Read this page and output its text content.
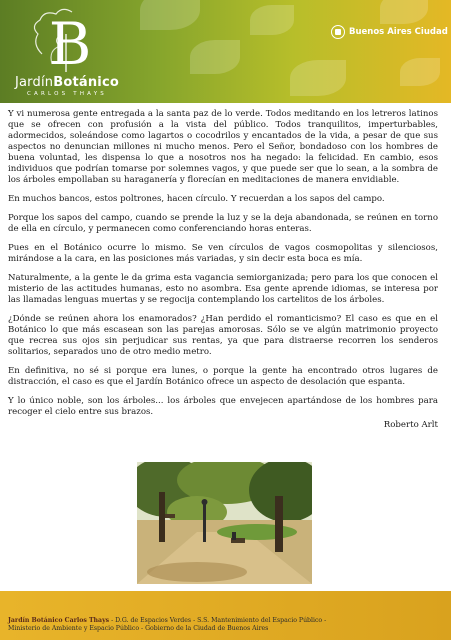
B
JardínBotánico
CARLOS THAYS
Buenos Aires Ciudad

Y vi numerosa gente entregada a la santa paz de lo verde. Todos meditando en los letreros latinos que se ofrecen con profusión a la vista del público. Todos tranquilitos, imperturbables, adormecidos, soleándose como lagartos o cocodrilos y encantados de la vida, a pesar de que sus aspectos no denuncian millones ni mucho menos. Pero el Señor, bondadoso con los hombres de buena voluntad, les dispensa lo que a nosotros nos ha negado: la felicidad. En cambio, esos individuos que podrían tomarse por solemnes vagos, y que puede ser que lo sean, a la sombra de los árboles empollaban su haraganería y florecían en meditaciones de manera envidiable.

En muchos bancos, estos poltrones, hacen círculo. Y recuerdan a los sapos del campo.

Porque los sapos del campo, cuando se prende la luz y se la deja abandonada, se reúnen en torno de ella en círculo, y permanecen como conferenciando horas enteras.

Pues en el Botánico ocurre lo mismo. Se ven círculos de vagos cosmopolitas y silenciosos, mirándose a la cara, en las posiciones más variadas, y sin decir esta boca es mía.

Naturalmente, a la gente le da grima esta vagancia semiorganizada; pero para los que conocen el misterio de las actitudes humanas, esto no asombra. Esa gente aprende idiomas, se interesa por las llamadas lenguas muertas y se regocija contemplando los cartelitos de los árboles.

¿Dónde se reúnen ahora los enamorados? ¿Han perdido el romanticismo? El caso es que en el Botánico lo que más escasean son las parejas amorosas. Sólo se ve algún matrimonio proyecto que recrea sus ojos sin perjudicar sus rentas, ya que para distraerse recorren los senderos solitarios, separados uno de otro medio metro.

En definitiva, no sé si porque era lunes, o porque la gente ha encontrado otros lugares de distracción, el caso es que el Jardín Botánico ofrece un aspecto de desolación que espanta.

Y lo único noble, son los árboles... los árboles que envejecen apartándose de los hombres para recoger el cielo entre sus brazos.

Roberto Arlt

Jardín Botánico Carlos Thays - D.G. de Espacios Verdes - S.S. Mantenimiento del Espacio Público -
Ministerio de Ambiente y Espacio Público - Gobierno de la Ciudad de Buenos Aires
